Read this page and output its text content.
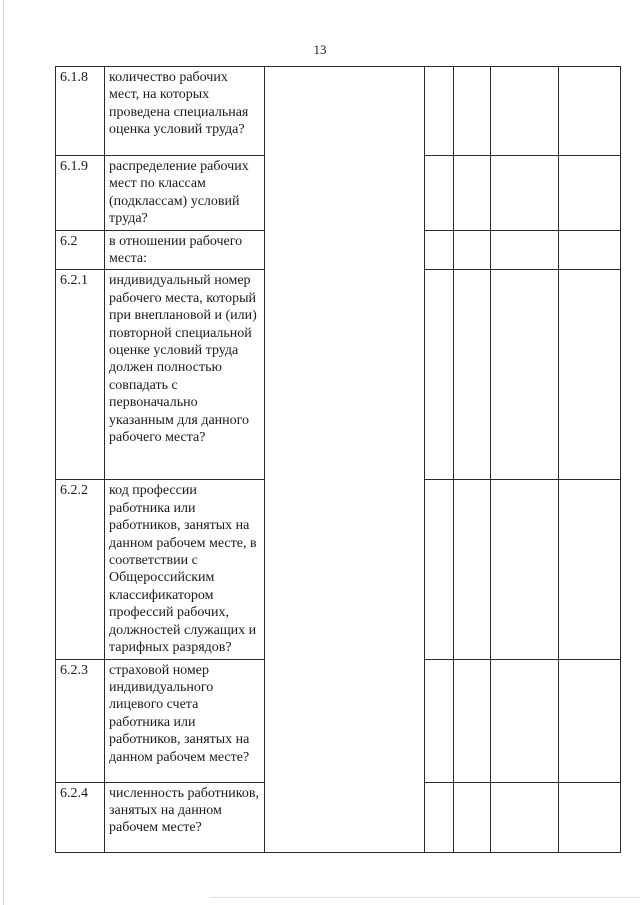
13
6.1.8	количество рабочих мест, на которых проведена специальная оценка условий труда?					
6.1.9	распределение рабочих мест по классам (подклассам) условий труда?					
6.2	в отношении рабочего места:					
6.2.1	индивидуальный номер рабочего места, который при внеплановой и (или) повторной специальной оценке условий труда должен полностью совпадать с первоначально указанным для данного рабочего места?					
6.2.2	код профессии работника или работников, занятых на данном рабочем месте, в соответствии с Общероссийским классификатором профессий рабочих, должностей служащих и тарифных разрядов?					
6.2.3	страховой номер индивидуального лицевого счета работника или работников, занятых на данном рабочем месте?					
6.2.4	численность работников, занятых на данном рабочем месте?					
